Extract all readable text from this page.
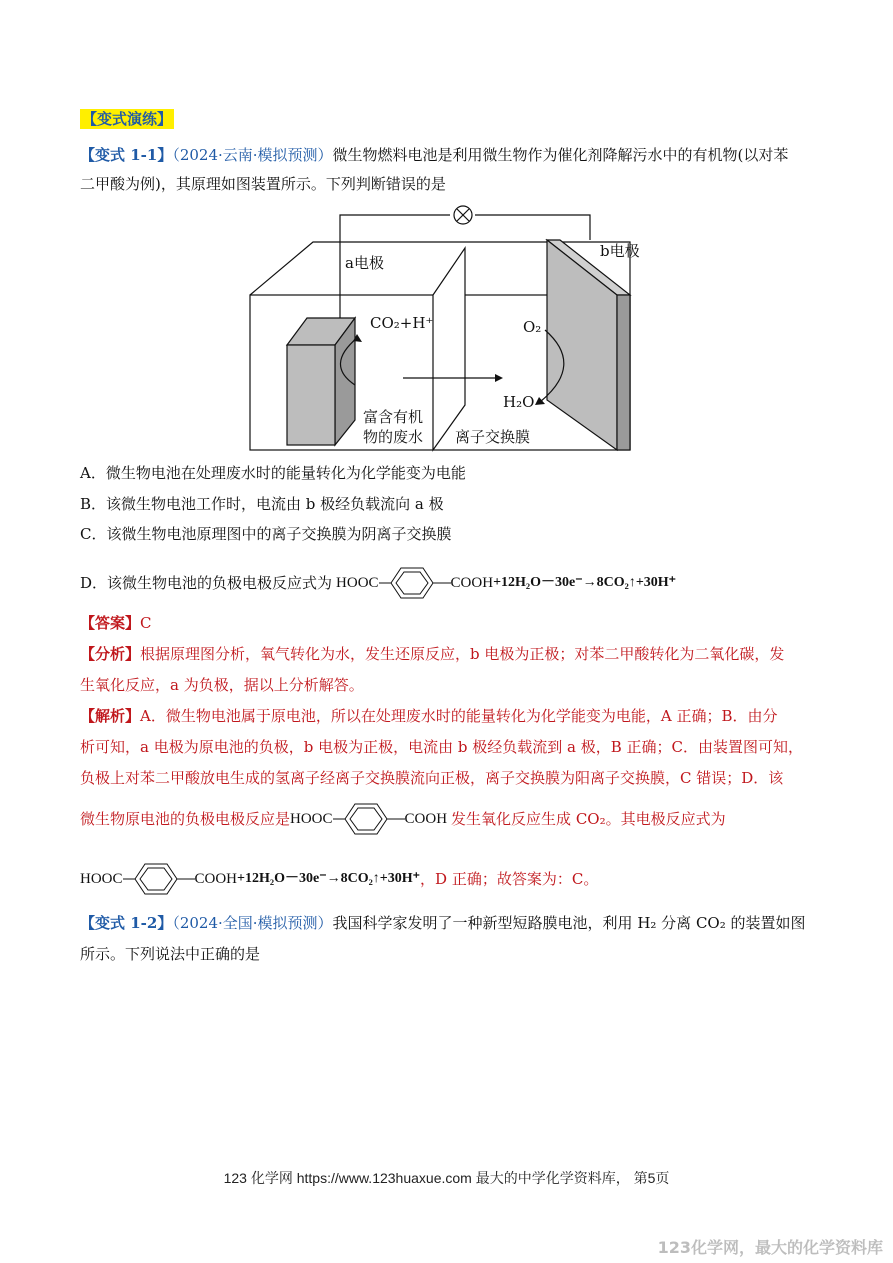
【变式演练】
【变式 1-1】（2024·云南·模拟预测）微生物燃料电池是利用微生物作为催化剂降解污水中的有机物(以对苯
二甲酸为例)，其原理如图装置所示。下列判断错误的是
a电极
b电极
CO₂+H⁺	O₂
H₂O
富含有机
物的废水 离子交换膜
A．微生物电池在处理废水时的能量转化为化学能变为电能
B．该微生物电池工作时，电流由 b 极经负载流向 a 极
C．该微生物电池原理图中的离子交换膜为阴离子交换膜
D．该微生物电池的负极电极反应式为 HOOC	COOH +12H₂O－30e⁻→8CO₂↑+30H⁺
【答案】C
【分析】根据原理图分析，氧气转化为水，发生还原反应，b 电极为正极；对苯二甲酸转化为二氧化碳，发
生氧化反应，a 为负极，据以上分析解答。
【解析】A．微生物电池属于原电池，所以在处理废水时的能量转化为化学能变为电能，A 正确；B．由分
析可知，a 电极为原电池的负极，b 电极为正极，电流由 b 极经负载流到 a 极，B 正确；C．由装置图可知，
负极上对苯二甲酸放电生成的氢离子经离子交换膜流向正极，离子交换膜为阳离子交换膜，C 错误；D．该
微生物原电池的负极电极反应是 HOOC	COOH 发生氧化反应生成 CO₂。其电极反应式为
HOOC	COOH +12H₂O－30e⁻→8CO₂↑+30H⁺ ，D 正确；故答案为：C。
【变式 1-2】（2024·全国·模拟预测）我国科学家发明了一种新型短路膜电池，利用 H₂ 分离 CO₂ 的装置如图
所示。下列说法中正确的是
123 化学网 https://www.123huaxue.com 最大的中学化学资料库， 第5页
123化学网，最大的化学资料库
